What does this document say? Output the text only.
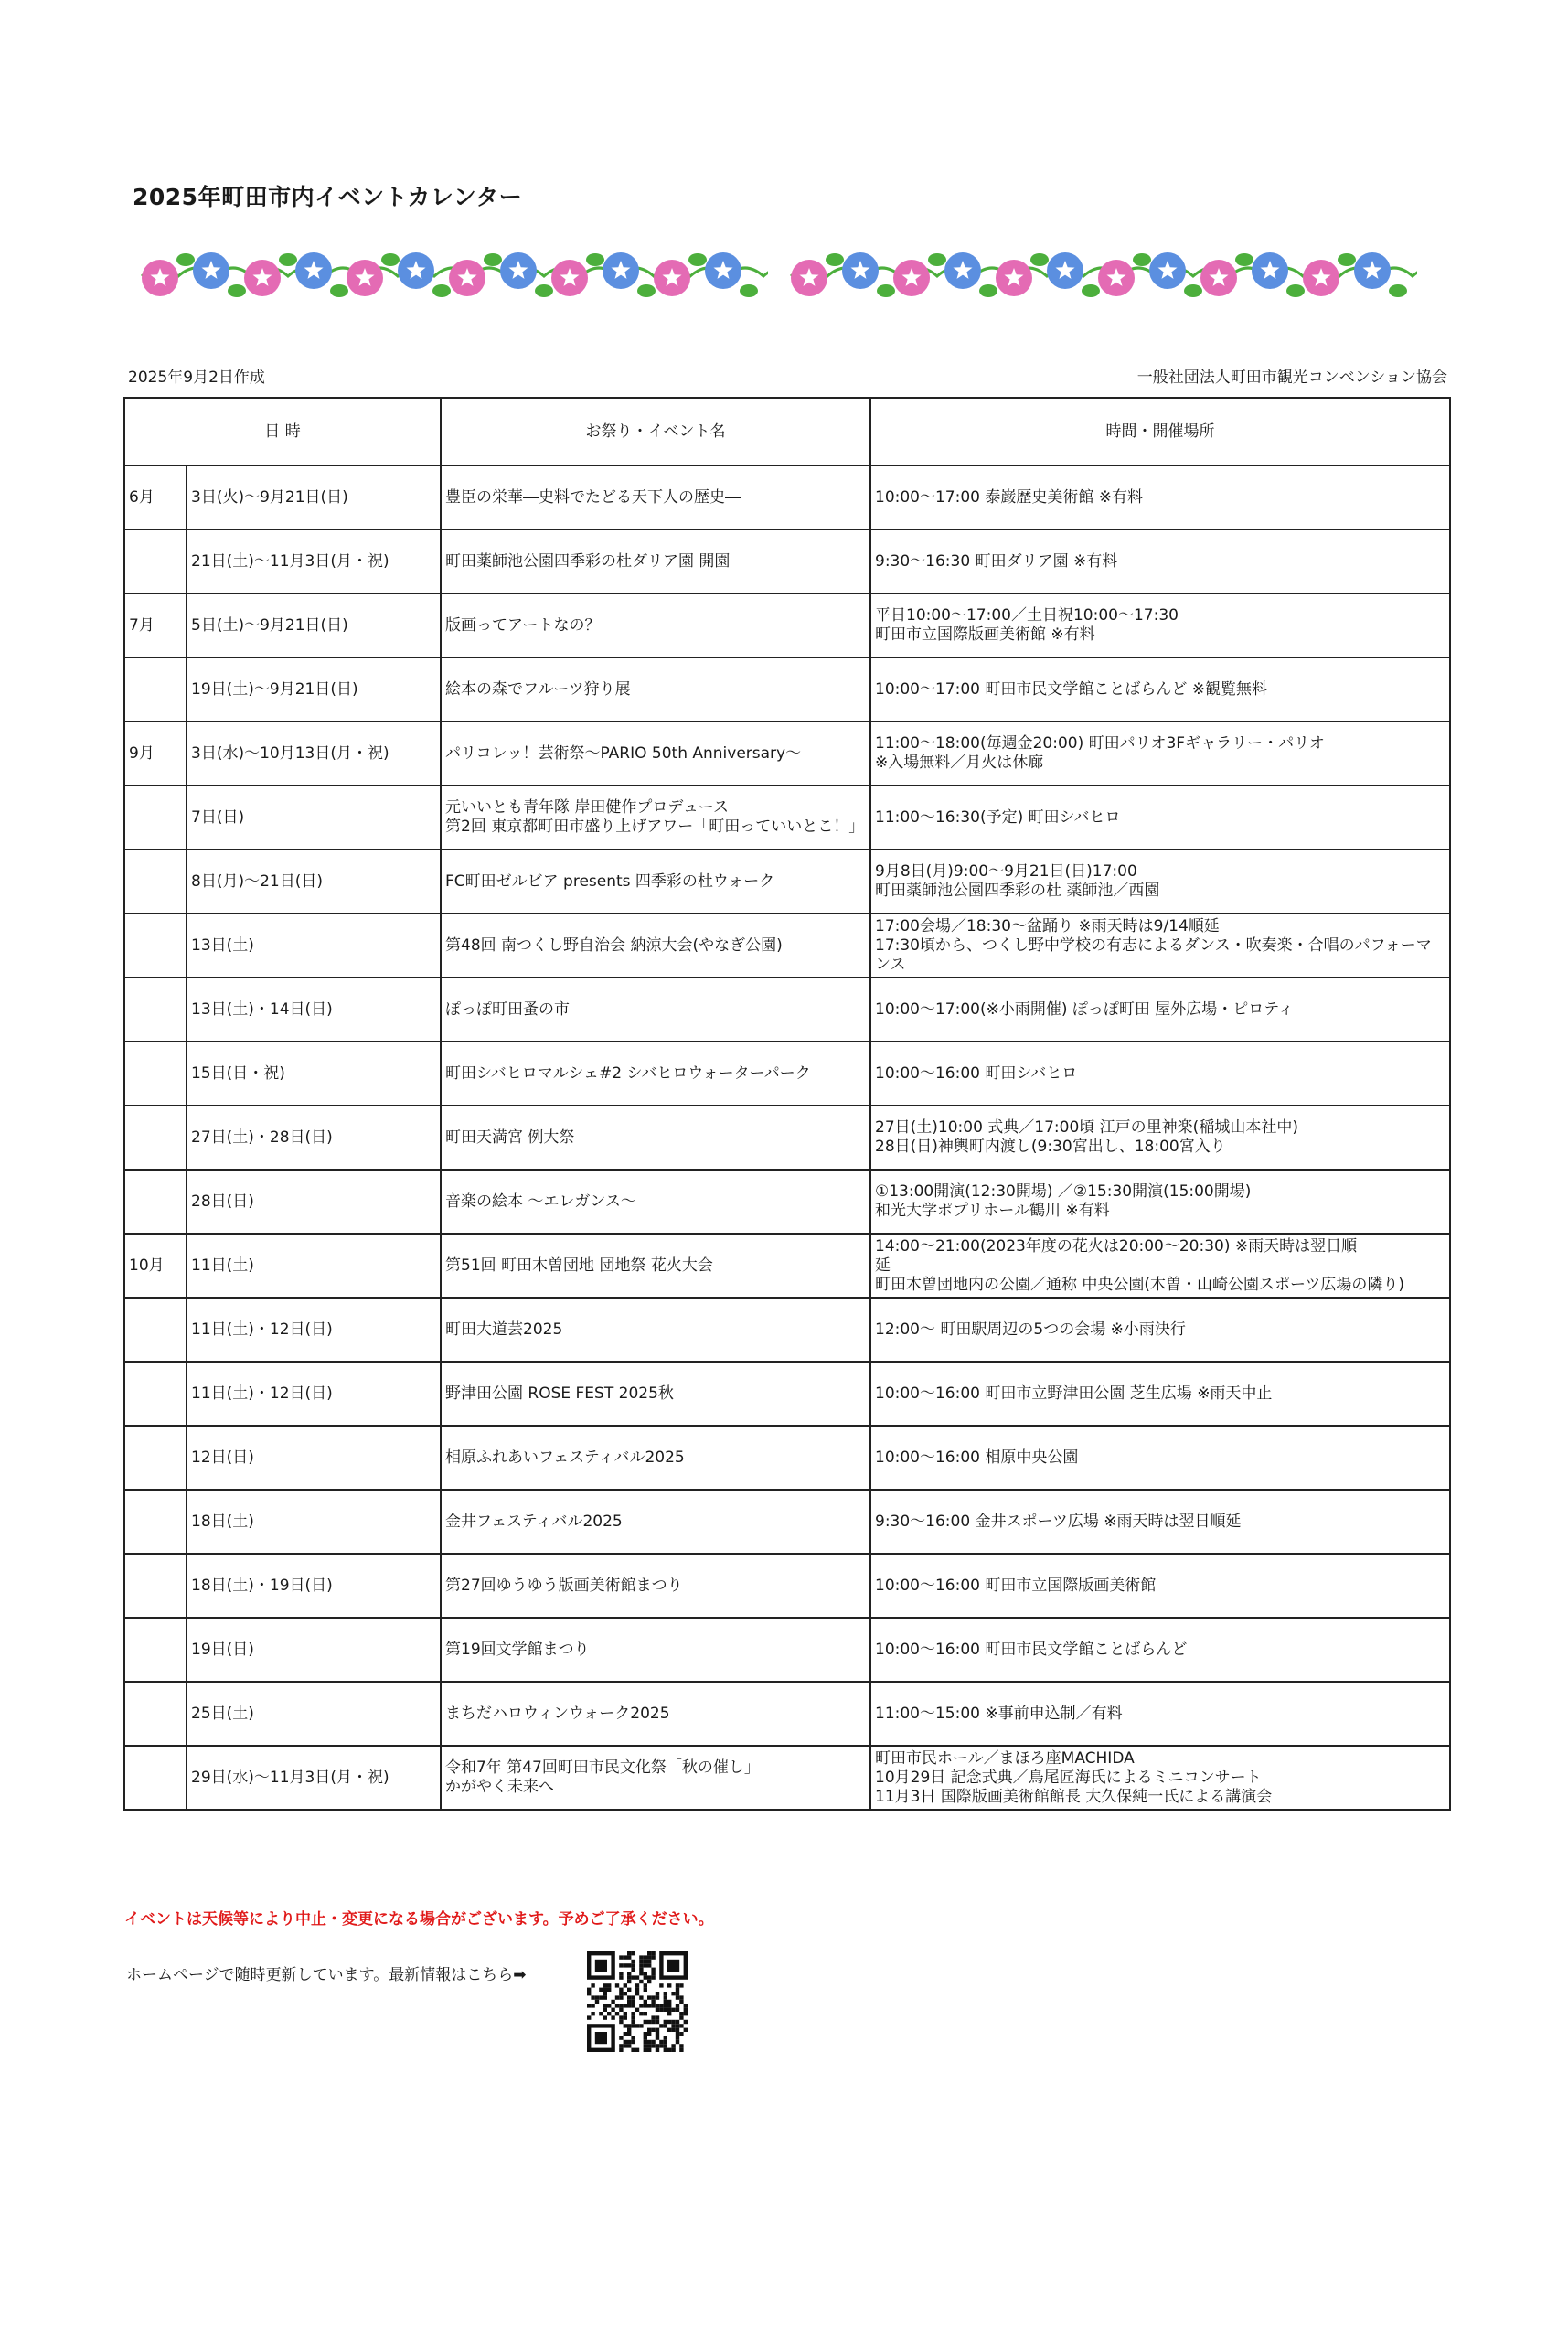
2025年町田市内イベントカレンター
2025年9月2日作成	一般社団法人町田市観光コンベンション協会
日 時		お祭り・イベント名	時間・開催場所
6月	3日(火)～9月21日(日)	豊臣の栄華―史料でたどる天下人の歴史―	10:00～17:00 泰巌歴史美術館 ※有料

	21日(土)～11月3日(月・祝)	町田薬師池公園四季彩の杜ダリア園 開園	9:30～16:30 町田ダリア園 ※有料

7月	5日(土)～9月21日(日)	版画ってアートなの？	平日10:00～17:00／土日祝10:00～17:30
町田市立国際版画美術館 ※有料

	19日(土)～9月21日(日)	絵本の森でフルーツ狩り展	10:00～17:00 町田市民文学館ことばらんど ※観覧無料

9月	3日(水)～10月13日(月・祝)	パリコレッ！芸術祭～PARIO 50th Anniversary～	11:00～18:00(毎週金20:00) 町田パリオ3Fギャラリー・パリオ
※入場無料／月火は休廊

	7日(日)	元いいとも青年隊 岸田健作プロデュース
第2回 東京都町田市盛り上げアワー「町田っていいとこ！」	11:00～16:30(予定) 町田シバヒロ

	8日(月)～21日(日)	FC町田ゼルビア presents 四季彩の杜ウォーク	9月8日(月)9:00～9月21日(日)17:00
町田薬師池公園四季彩の杜 薬師池／西園

	13日(土)	第48回 南つくし野自治会 納涼大会(やなぎ公園)	17:00会場／18:30～盆踊り ※雨天時は9/14順延
17:30頃から、つくし野中学校の有志によるダンス・吹奏楽・合唱のパフォーマ
ンス

	13日(土)・14日(日)	ぽっぽ町田蚤の市	10:00～17:00(※小雨開催) ぽっぽ町田 屋外広場・ピロティ

	15日(日・祝)	町田シバヒロマルシェ#2 シバヒロウォーターパーク	10:00～16:00 町田シバヒロ

	27日(土)・28日(日)	町田天満宮 例大祭	27日(土)10:00 式典／17:00頃 江戸の里神楽(稲城山本社中)
28日(日)神輿町内渡し(9:30宮出し、18:00宮入り

	28日(日)	音楽の絵本 ～エレガンス～	①13:00開演(12:30開場) ／②15:30開演(15:00開場)
和光大学ポプリホール鶴川 ※有料

10月	11日(土)	第51回 町田木曽団地 団地祭 花火大会	14:00～21:00(2023年度の花火は20:00～20:30) ※雨天時は翌日順
延
町田木曽団地内の公園／通称 中央公園(木曽・山崎公園スポーツ広場の隣り)

	11日(土)・12日(日)	町田大道芸2025	12:00～ 町田駅周辺の5つの会場 ※小雨決行

	11日(土)・12日(日)	野津田公園 ROSE FEST 2025秋	10:00～16:00 町田市立野津田公園 芝生広場 ※雨天中止

	12日(日)	相原ふれあいフェスティバル2025	10:00～16:00 相原中央公園

	18日(土)	金井フェスティバル2025	9:30～16:00 金井スポーツ広場 ※雨天時は翌日順延

	18日(土)・19日(日)	第27回ゆうゆう版画美術館まつり	10:00～16:00 町田市立国際版画美術館

	19日(日)	第19回文学館まつり	10:00～16:00 町田市民文学館ことばらんど

	25日(土)	まちだハロウィンウォーク2025	11:00～15:00 ※事前申込制／有料

	29日(水)～11月3日(月・祝)	令和7年 第47回町田市民文化祭「秋の催し」
かがやく未来へ	町田市民ホール／まほろ座MACHIDA
10月29日 記念式典／鳥尾匠海氏によるミニコンサート
11月3日 国際版画美術館館長 大久保純一氏による講演会
イベントは天候等により中止・変更になる場合がございます。予めご了承ください。
ホームページで随時更新しています。最新情報はこちら➡
